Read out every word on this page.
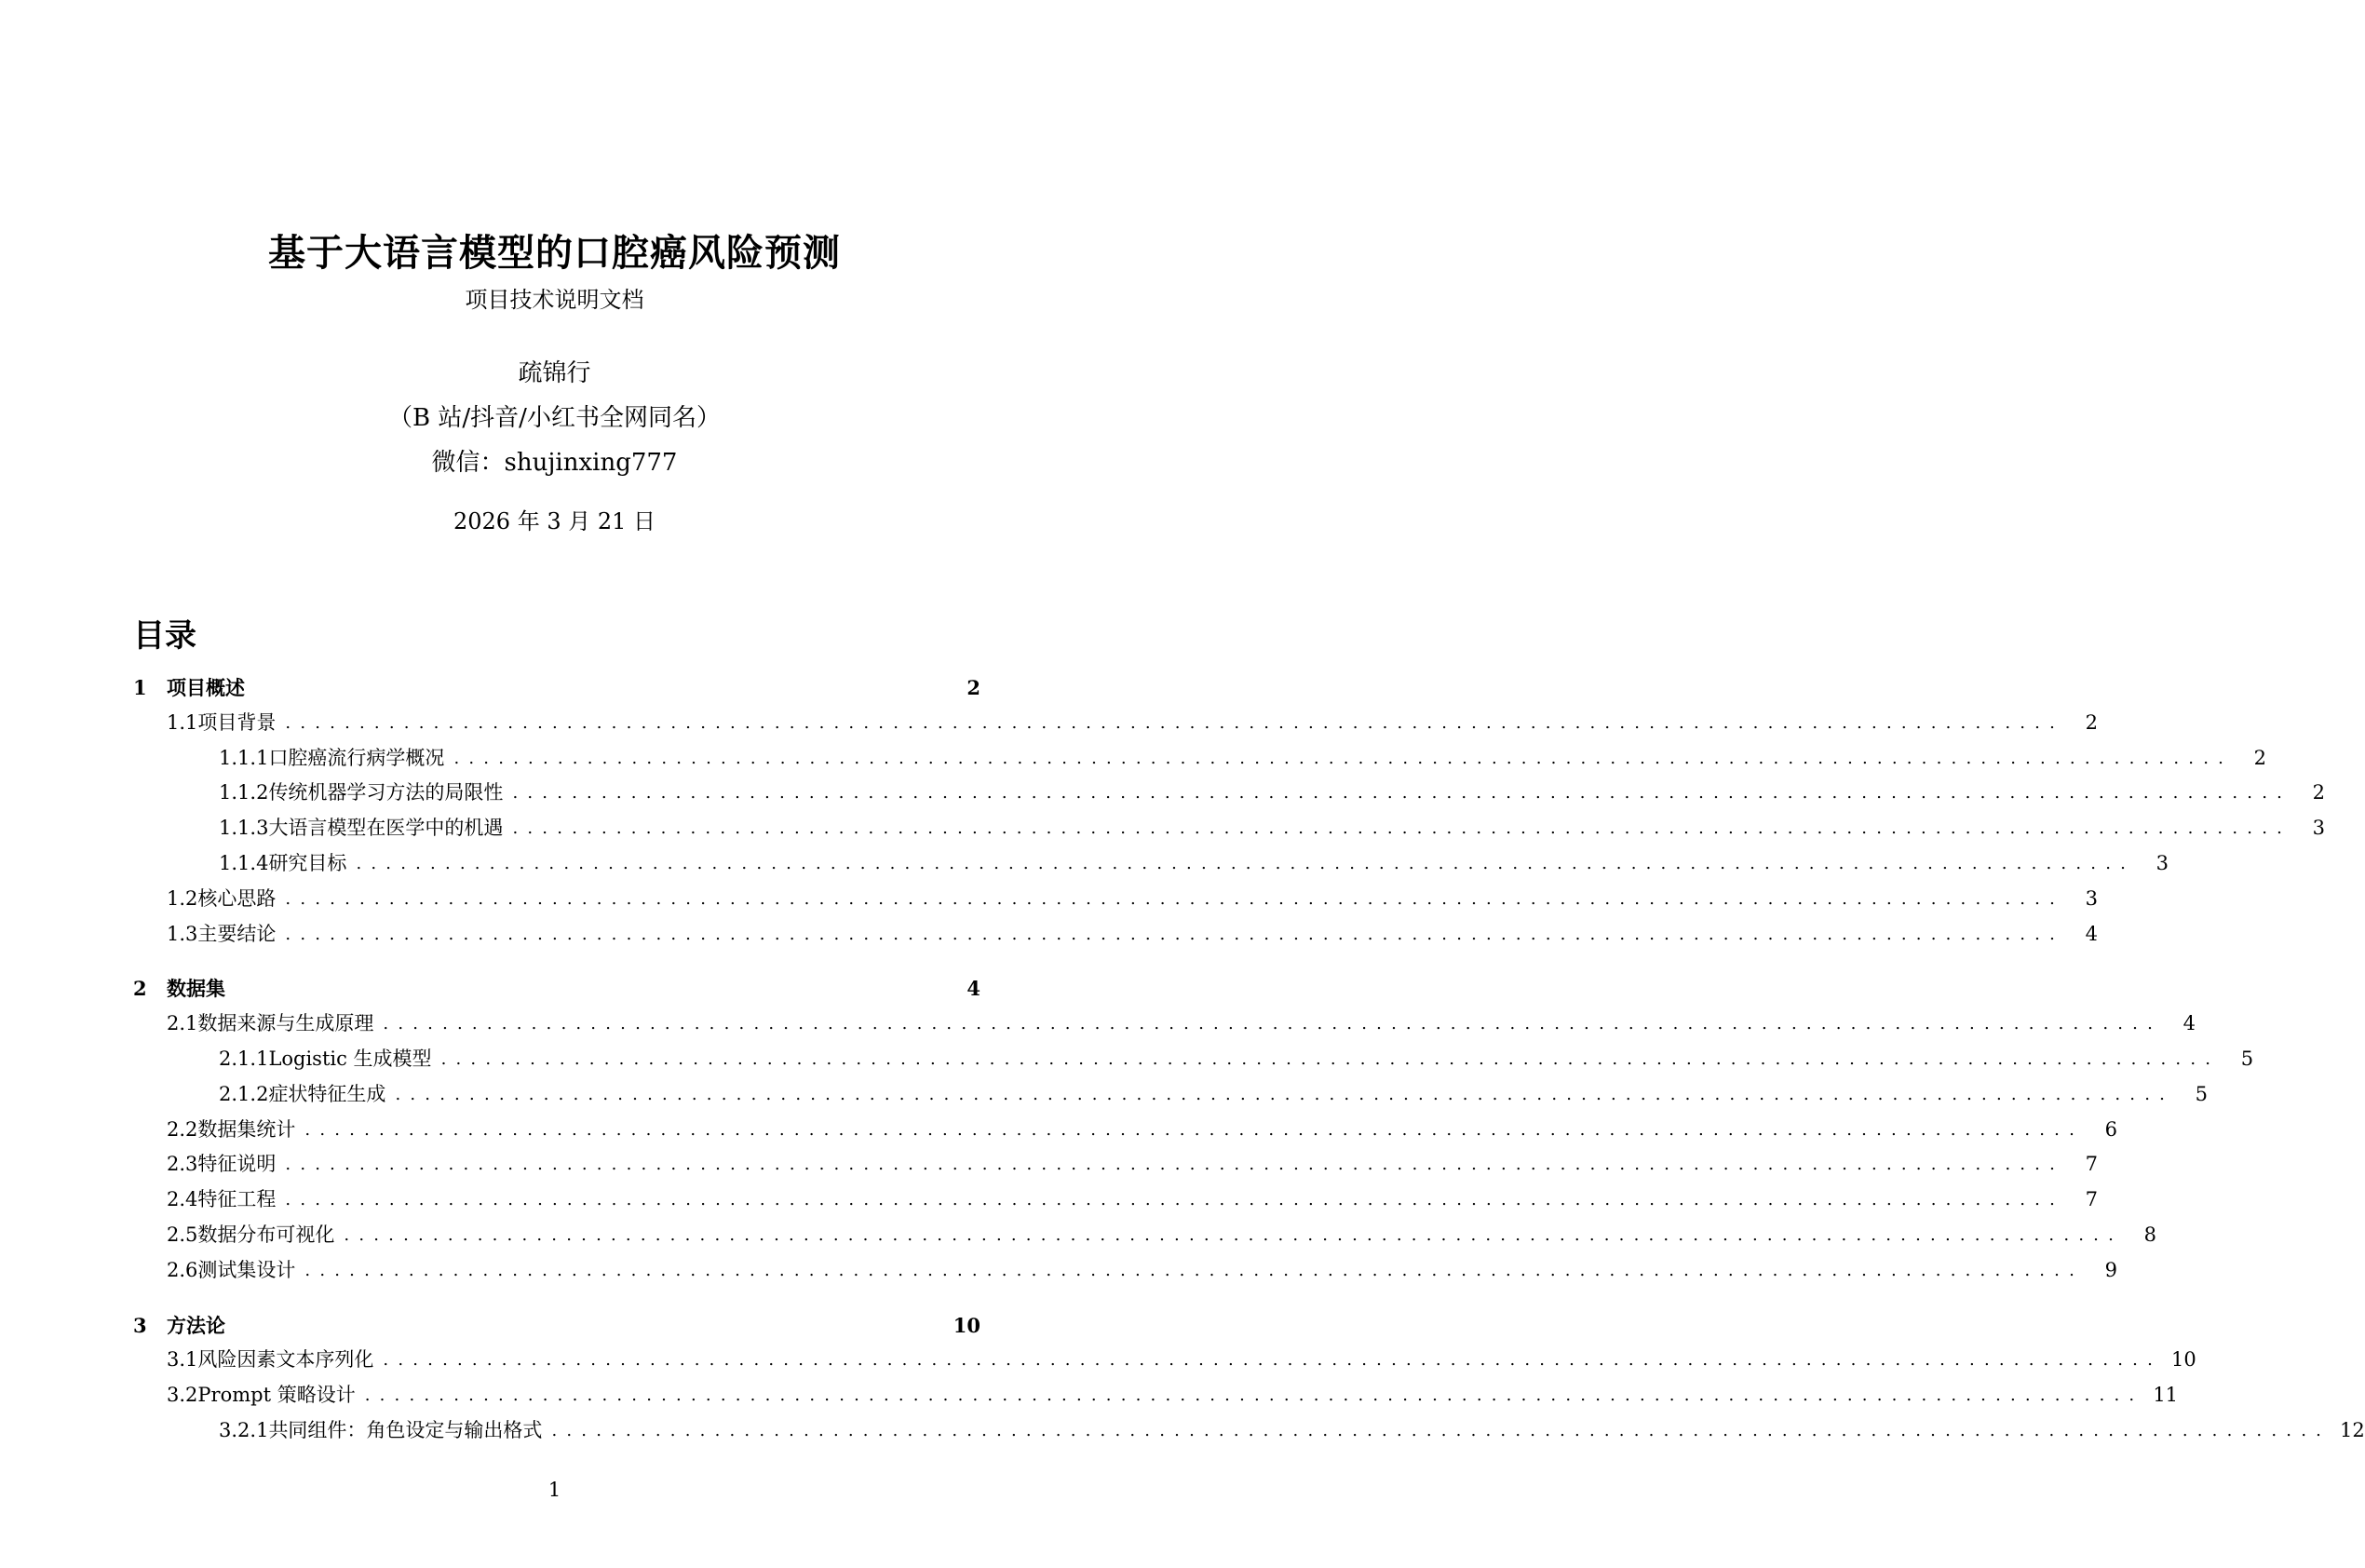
基于大语言模型的口腔癌风险预测
项目技术说明文档
疏锦行
（B 站/抖音/小红书全网同名）
微信：shujinxing777
2026 年 3 月 21 日
目录
1	项目概述	2
1.1 项目背景 ........................................................................................................................	2
1.1.1 口腔癌流行病学概况 ........................................................................................................................	2
1.1.2 传统机器学习方法的局限性 ........................................................................................................................	2
1.1.3 大语言模型在医学中的机遇 ........................................................................................................................	3
1.1.4 研究目标 ........................................................................................................................	3
1.2 核心思路 ........................................................................................................................	3
1.3 主要结论 ........................................................................................................................	4
2	数据集	4
2.1 数据来源与生成原理 ........................................................................................................................	4
2.1.1 Logistic 生成模型 ........................................................................................................................	5
2.1.2 症状特征生成 ........................................................................................................................	5
2.2 数据集统计 ........................................................................................................................	6
2.3 特征说明 ........................................................................................................................	7
2.4 特征工程 ........................................................................................................................	7
2.5 数据分布可视化 ........................................................................................................................	8
2.6 测试集设计 ........................................................................................................................	9
3	方法论	10
3.1 风险因素文本序列化 ........................................................................................................................ 10
3.2 Prompt 策略设计 ........................................................................................................................ 11
3.2.1 共同组件：角色设定与输出格式 ........................................................................................................................ 12
1
